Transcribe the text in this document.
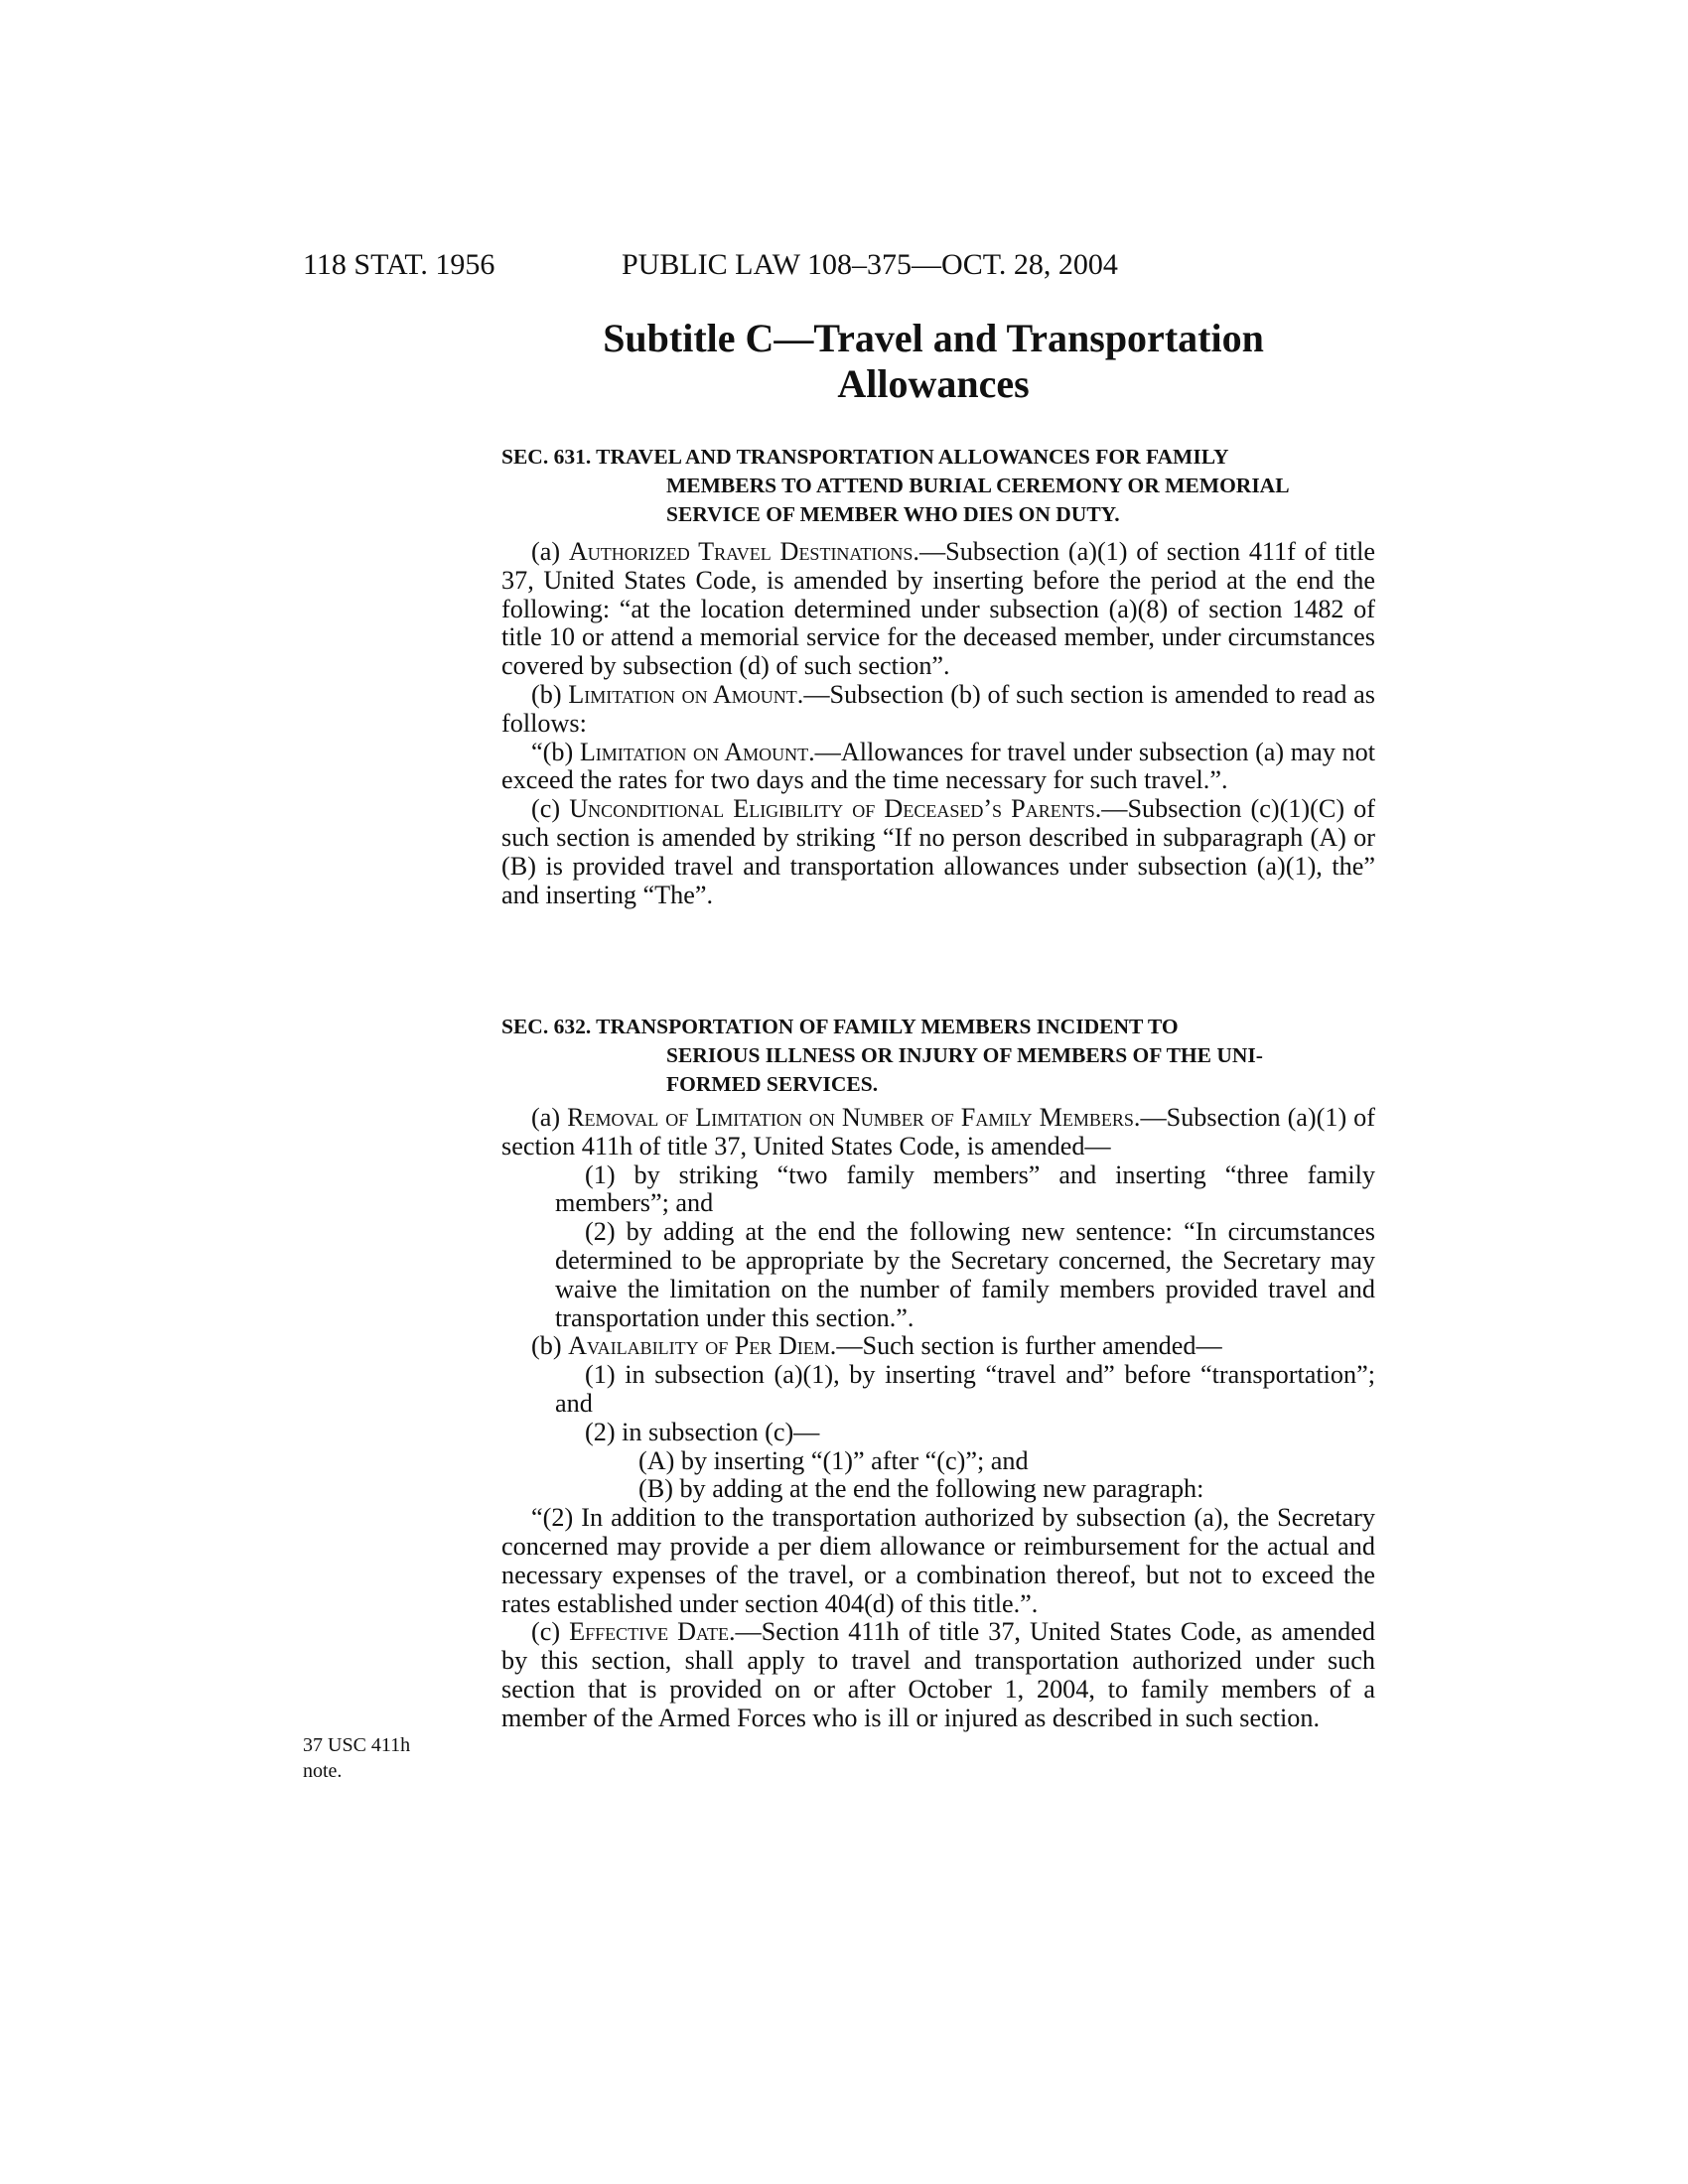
118 STAT. 1956	PUBLIC LAW 108–375—OCT. 28, 2004
Subtitle C—Travel and Transportation
Allowances
SEC. 631. TRAVEL AND TRANSPORTATION ALLOWANCES FOR FAMILY
MEMBERS TO ATTEND BURIAL CEREMONY OR MEMORIAL
SERVICE OF MEMBER WHO DIES ON DUTY.

(a) Authorized Travel Destinations.—Subsection (a)(1) of section 411f of title 37, United States Code, is amended by inserting before the period at the end the following: “at the location determined under subsection (a)(8) of section 1482 of title 10 or attend a memorial service for the deceased member, under circumstances covered by subsection (d) of such section”.

(b) Limitation on Amount.—Subsection (b) of such section is amended to read as follows:

“(b) Limitation on Amount.—Allowances for travel under subsection (a) may not exceed the rates for two days and the time necessary for such travel.”.

(c) Unconditional Eligibility of Deceased’s Parents.—Subsection (c)(1)(C) of such section is amended by striking “If no person described in subparagraph (A) or (B) is provided travel and transportation allowances under subsection (a)(1), the” and inserting “The”.

SEC. 632. TRANSPORTATION OF FAMILY MEMBERS INCIDENT TO
SERIOUS ILLNESS OR INJURY OF MEMBERS OF THE UNI-
FORMED SERVICES.

(a) Removal of Limitation on Number of Family Members.—Subsection (a)(1) of section 411h of title 37, United States Code, is amended—

(1) by striking “two family members” and inserting “three family members”; and

(2) by adding at the end the following new sentence: “In circumstances determined to be appropriate by the Secretary concerned, the Secretary may waive the limitation on the number of family members provided travel and transportation under this section.”.

(b) Availability of Per Diem.—Such section is further amended—

(1) in subsection (a)(1), by inserting “travel and” before “transportation”; and

(2) in subsection (c)—

(A) by inserting “(1)” after “(c)”; and

(B) by adding at the end the following new paragraph:

“(2) In addition to the transportation authorized by subsection (a), the Secretary concerned may provide a per diem allowance or reimbursement for the actual and necessary expenses of the travel, or a combination thereof, but not to exceed the rates established under section 404(d) of this title.”.

(c) Effective Date.—Section 411h of title 37, United States Code, as amended by this section, shall apply to travel and transportation authorized under such section that is provided on or after October 1, 2004, to family members of a member of the Armed Forces who is ill or injured as described in such section.

37 USC 411h
note.
